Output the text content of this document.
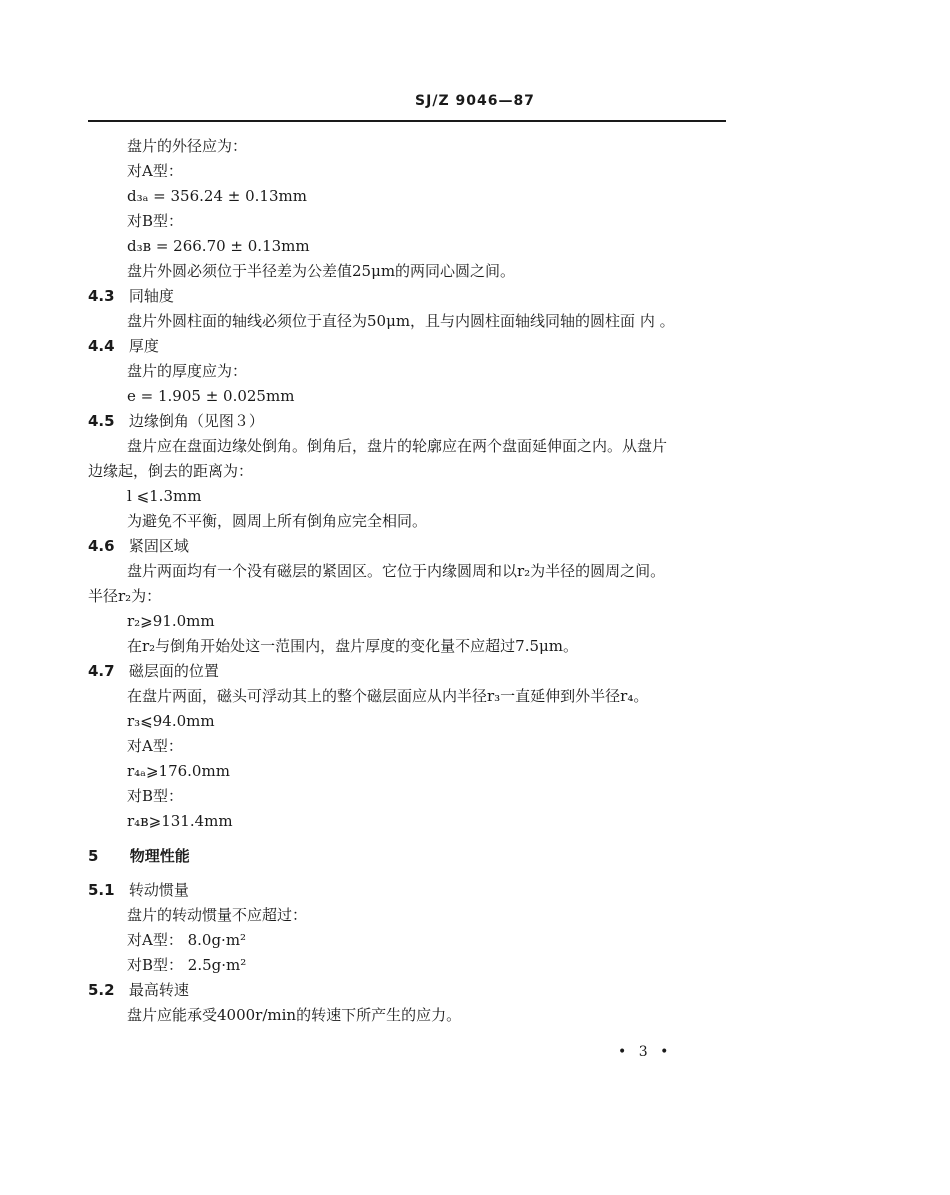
SJ/Z 9046—87
盘片的外径应为：
对A型：
d₃ₐ = 356.24 ± 0.13mm
对B型：
d₃ʙ = 266.70 ± 0.13mm
盘片外圆必须位于半径差为公差值25μm的两同心圆之间。
4.3 同轴度
盘片外圆柱面的轴线必须位于直径为50μm，且与内圆柱面轴线同轴的圆柱面 内 。
4.4 厚度
盘片的厚度应为：
e = 1.905 ± 0.025mm
4.5 边缘倒角（见图３）
盘片应在盘面边缘处倒角。倒角后，盘片的轮廓应在两个盘面延伸面之内。从盘片
边缘起，倒去的距离为：
l ⩽1.3mm
为避免不平衡，圆周上所有倒角应完全相同。
4.6 紧固区域
盘片两面均有一个没有磁层的紧固区。它位于内缘圆周和以r₂为半径的圆周之间。
半径r₂为：
r₂⩾91.0mm
在r₂与倒角开始处这一范围内，盘片厚度的变化量不应超过7.5μm。
4.7 磁层面的位置
在盘片两面，磁头可浮动其上的整个磁层面应从内半径r₃一直延伸到外半径r₄。
r₃⩽94.0mm
对A型：
r₄ₐ⩾176.0mm
对B型：
r₄ʙ⩾131.4mm
5 物理性能
5.1 转动惯量
盘片的转动惯量不应超过：
对A型： 8.0g·m²
对B型： 2.5g·m²
5.2 最高转速
盘片应能承受4000r/min的转速下所产生的应力。
• 3 •
